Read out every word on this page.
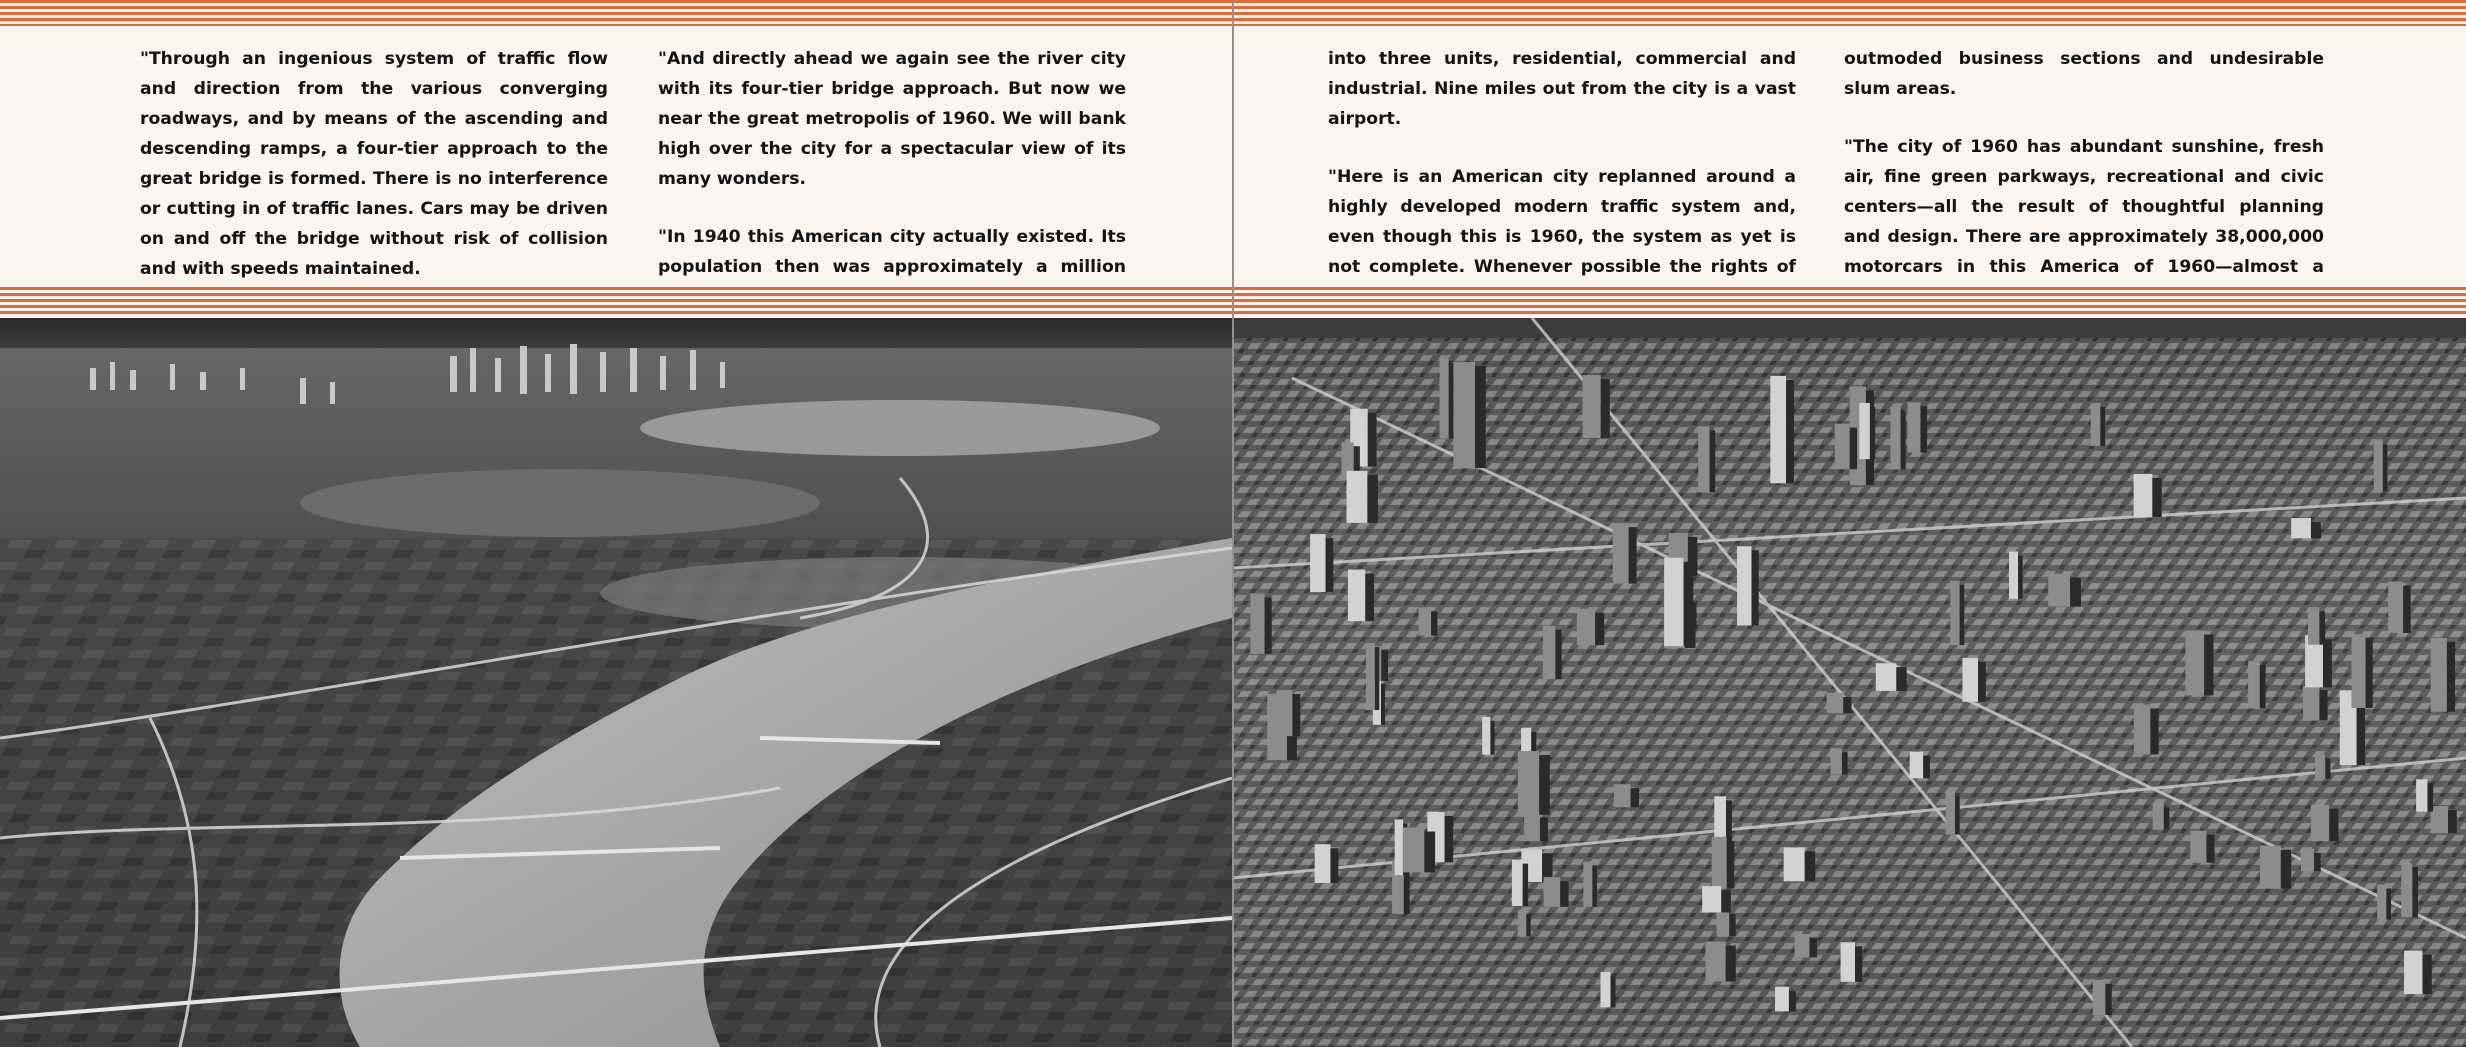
"Through an ingenious system of traffic flow and direction from the various converging roadways, and by means of the ascending and descending ramps, a four-tier approach to the great bridge is formed. There is no interference or cutting in of traffic lanes. Cars may be driven on and off the bridge without risk of collision and with speeds maintained.

"And directly ahead we again see the river city with its four-tier bridge approach. But now we near the great metropolis of 1960. We will bank high over the city for a spectacular view of its many wonders.

"In 1940 this American city actually existed. Its population then was approximately a million

into three units, residential, commercial and industrial. Nine miles out from the city is a vast airport.

"Here is an American city replanned around a highly developed modern traffic system and, even though this is 1960, the system as yet is not complete. Whenever possible the rights of

outmoded business sections and undesirable slum areas.

"The city of 1960 has abundant sunshine, fresh air, fine green parkways, recreational and civic centers—all the result of thoughtful planning and design. There are approximately 38,000,000 motorcars in this America of 1960—almost a
